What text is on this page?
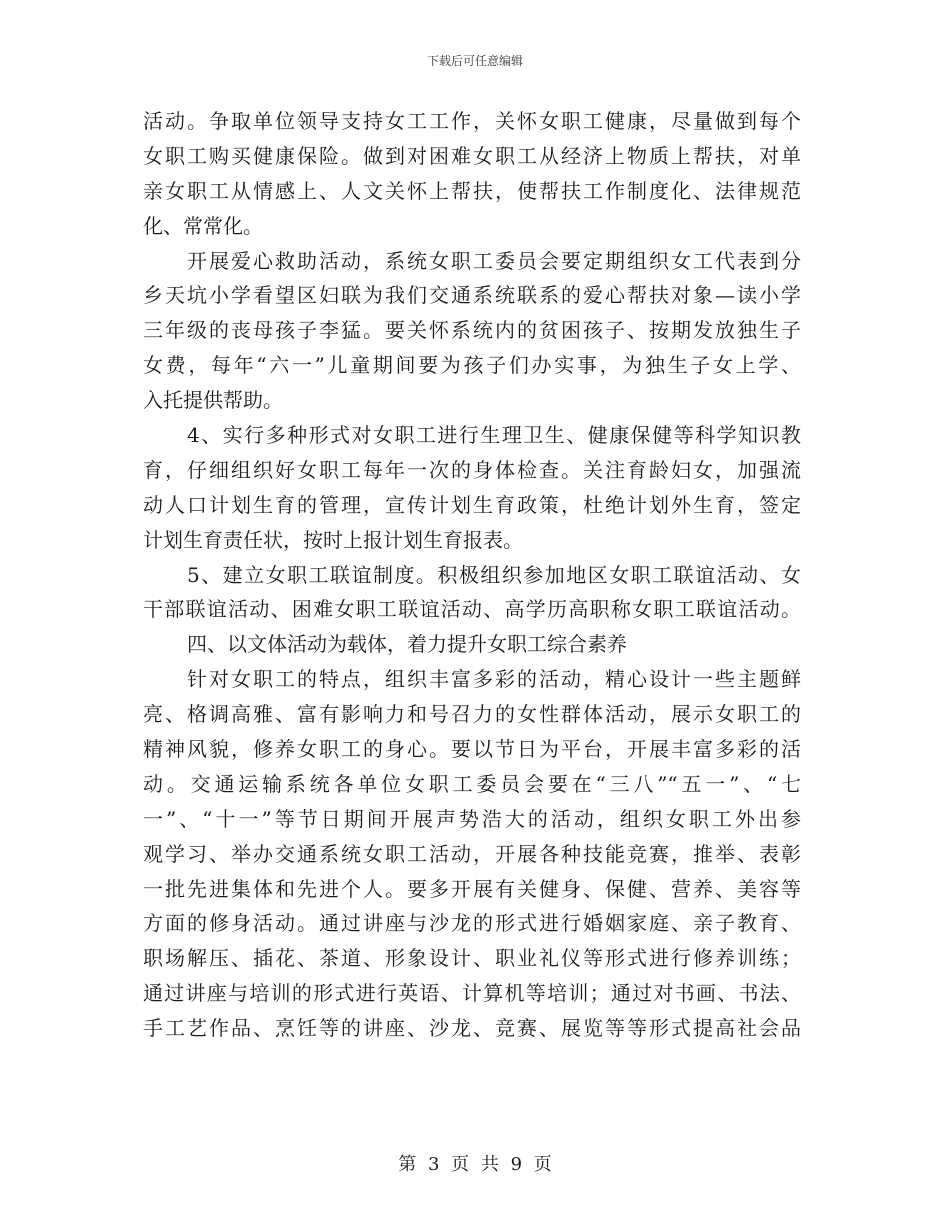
下载后可任意编辑
活动。争取单位领导支持女工工作，关怀女职工健康，尽量做到每个
女职工购买健康保险。做到对困难女职工从经济上物质上帮扶，对单
亲女职工从情感上、人文关怀上帮扶，使帮扶工作制度化、法律规范
化、常常化。
开展爱心救助活动，系统女职工委员会要定期组织女工代表到分
乡天坑小学看望区妇联为我们交通系统联系的爱心帮扶对象—读小学
三年级的丧母孩子李猛。要关怀系统内的贫困孩子、按期发放独生子
女费，每年“六一”儿童期间要为孩子们办实事，为独生子女上学、
入托提供帮助。
4、实行多种形式对女职工进行生理卫生、健康保健等科学知识教
育，仔细组织好女职工每年一次的身体检查。关注育龄妇女，加强流
动人口计划生育的管理，宣传计划生育政策，杜绝计划外生育，签定
计划生育责任状，按时上报计划生育报表。
5、建立女职工联谊制度。积极组织参加地区女职工联谊活动、女
干部联谊活动、困难女职工联谊活动、高学历高职称女职工联谊活动。
四、以文体活动为载体，着力提升女职工综合素养
针对女职工的特点，组织丰富多彩的活动，精心设计一些主题鲜
亮、格调高雅、富有影响力和号召力的女性群体活动，展示女职工的
精神风貌，修养女职工的身心。要以节日为平台，开展丰富多彩的活
动。交通运输系统各单位女职工委员会要在“三八”“五一”、“七
一”、“十一”等节日期间开展声势浩大的活动，组织女职工外出参
观学习、举办交通系统女职工活动，开展各种技能竞赛，推举、表彰
一批先进集体和先进个人。要多开展有关健身、保健、营养、美容等
方面的修身活动。通过讲座与沙龙的形式进行婚姻家庭、亲子教育、
职场解压、插花、茶道、形象设计、职业礼仪等形式进行修养训练；
通过讲座与培训的形式进行英语、计算机等培训；通过对书画、书法、
手工艺作品、烹饪等的讲座、沙龙、竞赛、展览等等形式提高社会品
第 3 页 共 9 页
